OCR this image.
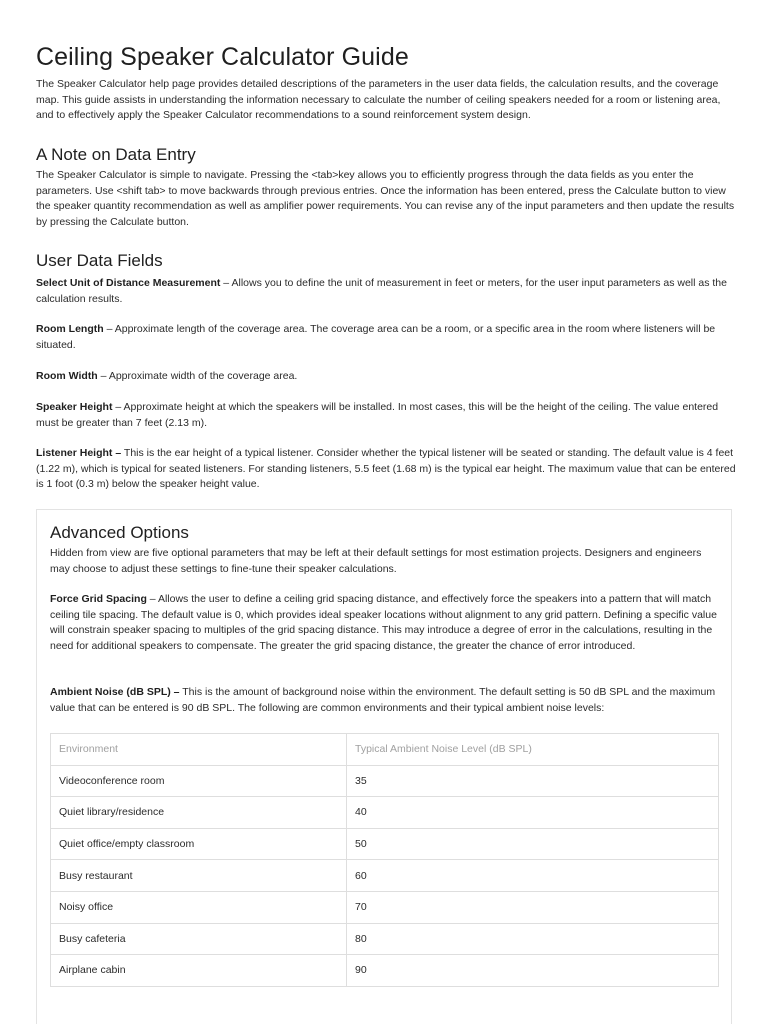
Ceiling Speaker Calculator Guide

The Speaker Calculator help page provides detailed descriptions of the parameters in the user data fields, the calculation results, and the coverage map. This guide assists in understanding the information necessary to calculate the number of ceiling speakers needed for a room or listening area, and to effectively apply the Speaker Calculator recommendations to a sound reinforcement system design.

A Note on Data Entry

The Speaker Calculator is simple to navigate. Pressing the <tab>key allows you to efficiently progress through the data fields as you enter the parameters. Use <shift tab> to move backwards through previous entries. Once the information has been entered, press the Calculate button to view the speaker quantity recommendation as well as amplifier power requirements. You can revise any of the input parameters and then update the results by pressing the Calculate button.

User Data Fields

Select Unit of Distance Measurement – Allows you to define the unit of measurement in feet or meters, for the user input parameters as well as the calculation results.

Room Length – Approximate length of the coverage area. The coverage area can be a room, or a specific area in the room where listeners will be situated.

Room Width – Approximate width of the coverage area.

Speaker Height – Approximate height at which the speakers will be installed. In most cases, this will be the height of the ceiling. The value entered must be greater than 7 feet (2.13 m).

Listener Height – This is the ear height of a typical listener. Consider whether the typical listener will be seated or standing. The default value is 4 feet (1.22 m), which is typical for seated listeners. For standing listeners, 5.5 feet (1.68 m) is the typical ear height. The maximum value that can be entered is 1 foot (0.3 m) below the speaker height value.

Advanced Options

Hidden from view are five optional parameters that may be left at their default settings for most estimation projects. Designers and engineers may choose to adjust these settings to fine-tune their speaker calculations.

Force Grid Spacing – Allows the user to define a ceiling grid spacing distance, and effectively force the speakers into a pattern that will match ceiling tile spacing. The default value is 0, which provides ideal speaker locations without alignment to any grid pattern. Defining a specific value will constrain speaker spacing to multiples of the grid spacing distance. This may introduce a degree of error in the calculations, resulting in the need for additional speakers to compensate. The greater the grid spacing distance, the greater the chance of error introduced.

Ambient Noise (dB SPL) – This is the amount of background noise within the environment. The default setting is 50 dB SPL and the maximum value that can be entered is 90 dB SPL. The following are common environments and their typical ambient noise levels:

Environment	Typical Ambient Noise Level (dB SPL)
Videoconference room	35
Quiet library/residence	40
Quiet office/empty classroom	50
Busy restaurant	60
Noisy office	70
Busy cafeteria	80
Airplane cabin	90
